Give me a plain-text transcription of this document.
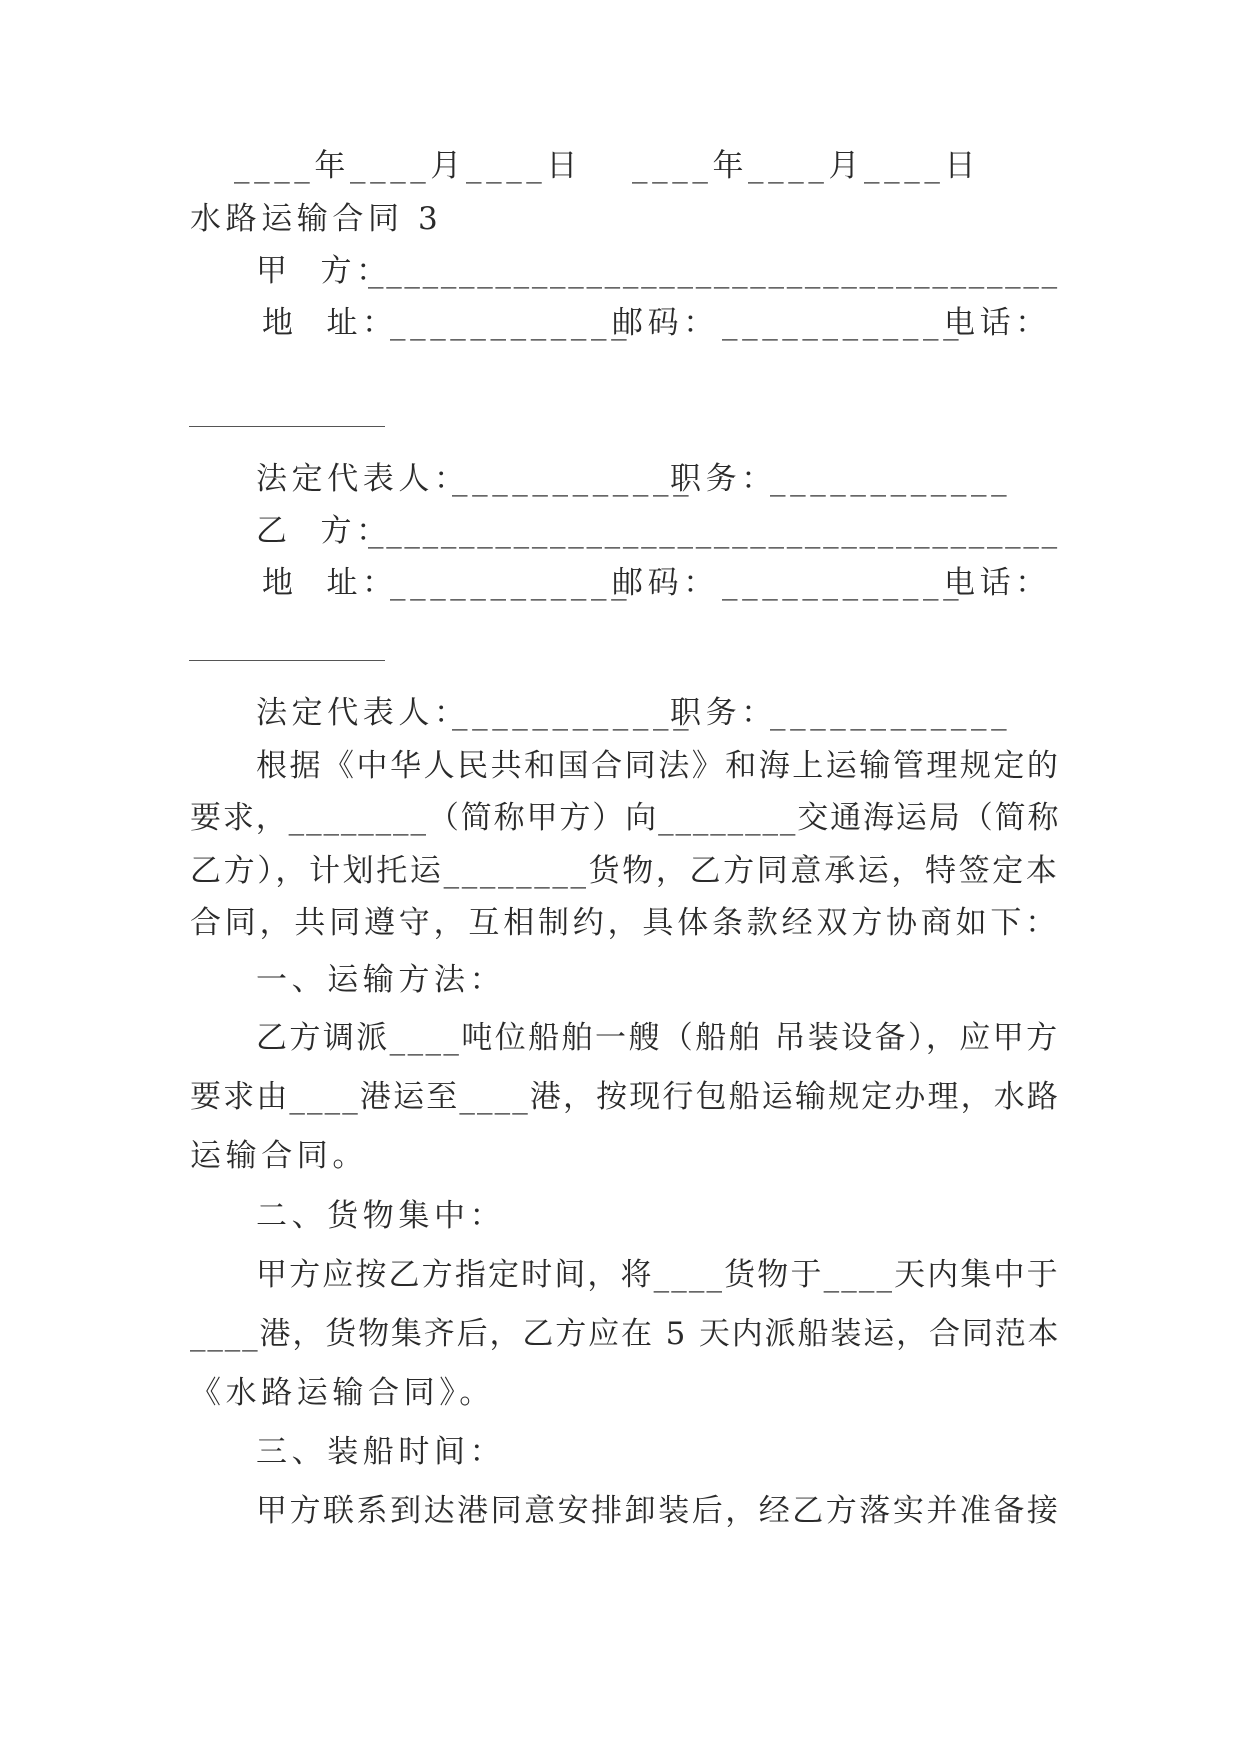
____年____月____日　 ____年____月____日
水路运输合同 3
甲  方：
______________________________________
地  址：
____________
邮码： ____________
电话：
法定代表人：
____________
职务：
____________
乙  方：
______________________________________
地  址：
____________
邮码： ____________
电话：
法定代表人：
____________
职务：
____________
根据《中华人民共和国合同法》和海上运输管理规定的
要求，________（简称甲方）向________交通海运局（简称
乙方），计划托运________货物，乙方同意承运，特签定本
合同，共同遵守，互相制约，具体条款经双方协商如下：
一、运输方法：
乙方调派____吨位船舶一艘（船舶 吊装设备），应甲方
要求由____港运至____港，按现行包船运输规定办理，水路
运输合同。
二、货物集中：
甲方应按乙方指定时间，将____货物于____天内集中于
____港，货物集齐后，乙方应在 5 天内派船装运，合同范本
《水路运输合同》。
三、装船时间：
甲方联系到达港同意安排卸装后，经乙方落实并准备接
